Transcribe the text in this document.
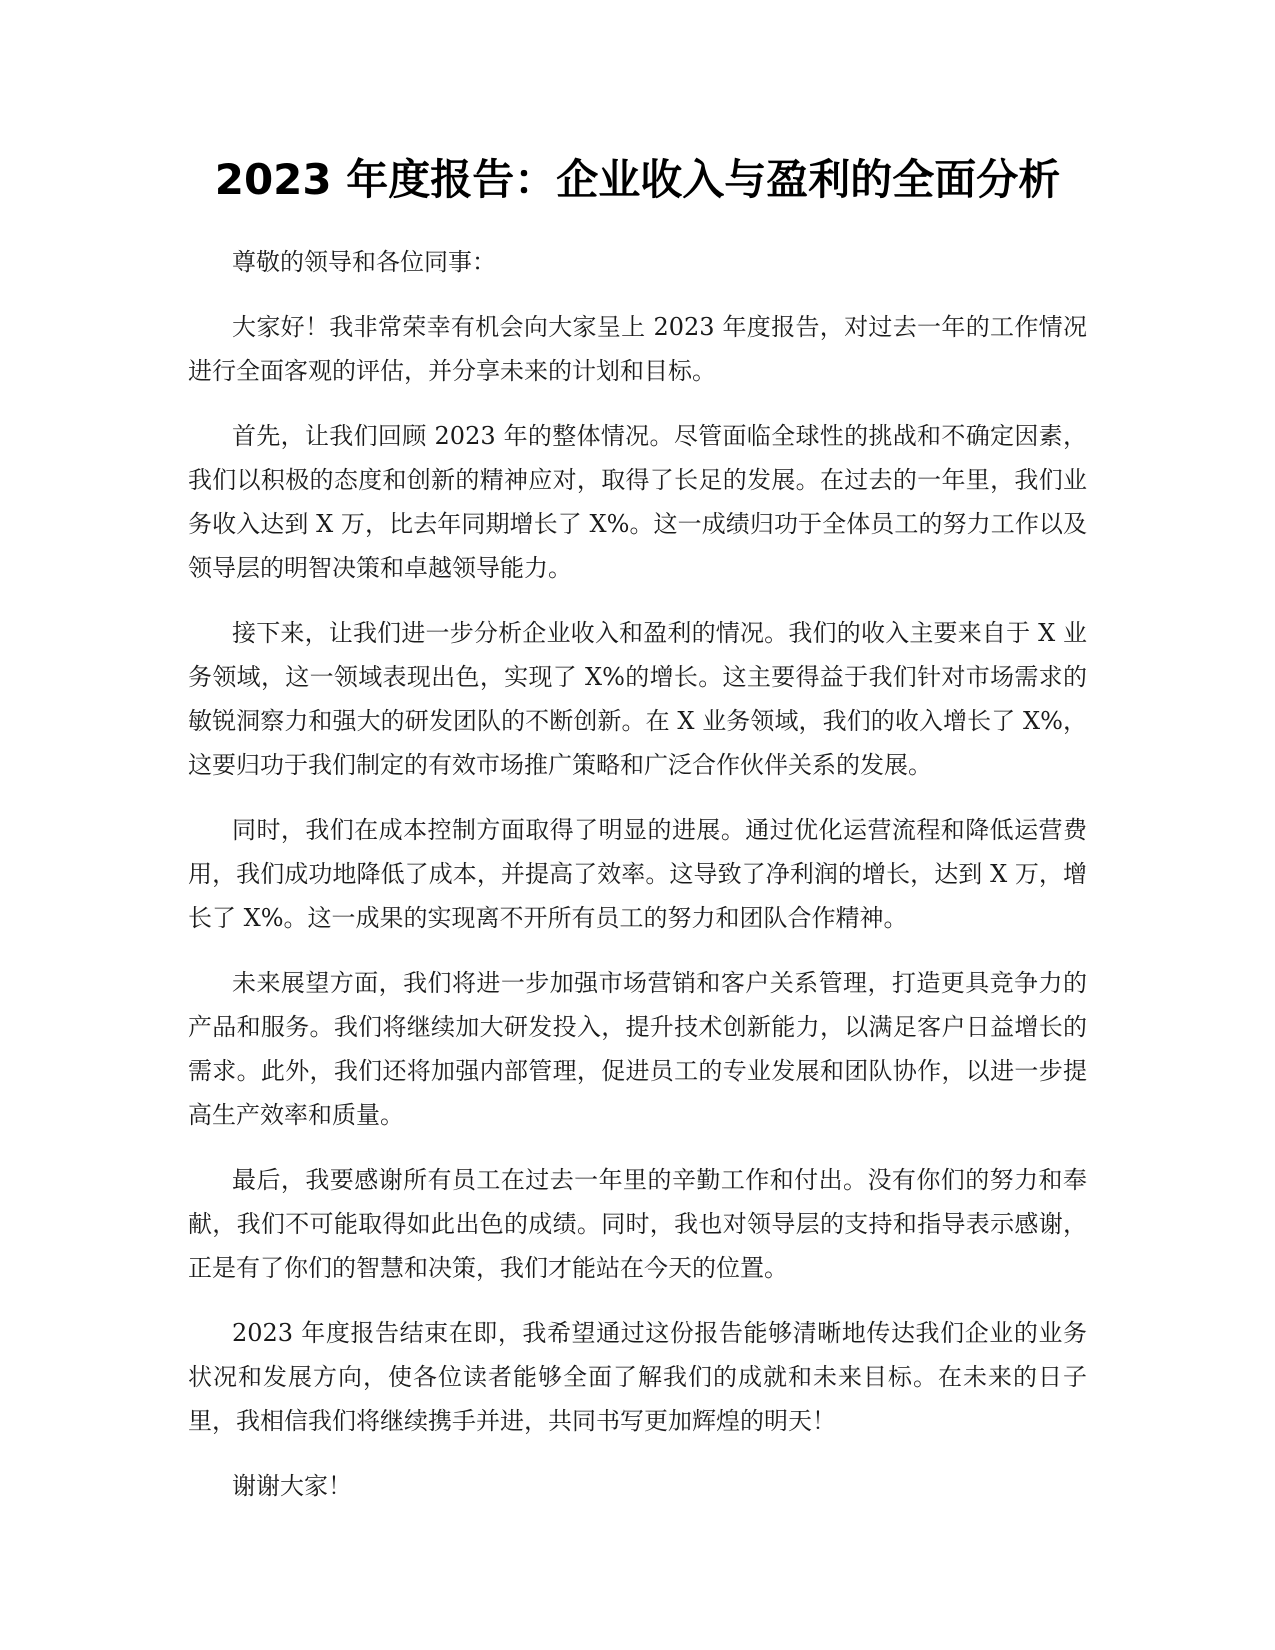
2023 年度报告：企业收入与盈利的全面分析

尊敬的领导和各位同事：

大家好！我非常荣幸有机会向大家呈上 2023 年度报告，对过去一年的工作情况进行全面客观的评估，并分享未来的计划和目标。

首先，让我们回顾 2023 年的整体情况。尽管面临全球性的挑战和不确定因素，我们以积极的态度和创新的精神应对，取得了长足的发展。在过去的一年里，我们业务收入达到 X 万，比去年同期增长了 X%。这一成绩归功于全体员工的努力工作以及领导层的明智决策和卓越领导能力。

接下来，让我们进一步分析企业收入和盈利的情况。我们的收入主要来自于 X 业务领域，这一领域表现出色，实现了 X%的增长。这主要得益于我们针对市场需求的敏锐洞察力和强大的研发团队的不断创新。在 X 业务领域，我们的收入增长了 X%，这要归功于我们制定的有效市场推广策略和广泛合作伙伴关系的发展。

同时，我们在成本控制方面取得了明显的进展。通过优化运营流程和降低运营费用，我们成功地降低了成本，并提高了效率。这导致了净利润的增长，达到 X 万，增长了 X%。这一成果的实现离不开所有员工的努力和团队合作精神。

未来展望方面，我们将进一步加强市场营销和客户关系管理，打造更具竞争力的产品和服务。我们将继续加大研发投入，提升技术创新能力，以满足客户日益增长的需求。此外，我们还将加强内部管理，促进员工的专业发展和团队协作，以进一步提高生产效率和质量。

最后，我要感谢所有员工在过去一年里的辛勤工作和付出。没有你们的努力和奉献，我们不可能取得如此出色的成绩。同时，我也对领导层的支持和指导表示感谢，正是有了你们的智慧和决策，我们才能站在今天的位置。

2023 年度报告结束在即，我希望通过这份报告能够清晰地传达我们企业的业务状况和发展方向，使各位读者能够全面了解我们的成就和未来目标。在未来的日子里，我相信我们将继续携手并进，共同书写更加辉煌的明天！

谢谢大家！
